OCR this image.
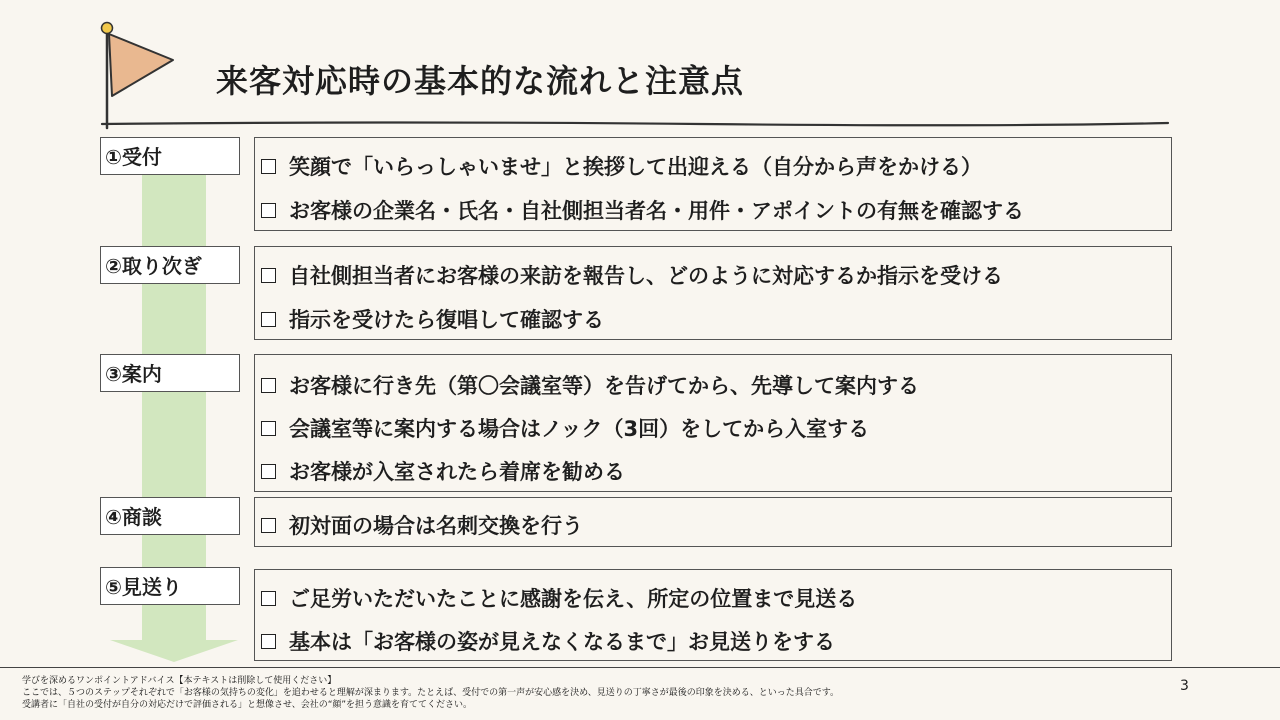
来客対応時の基本的な流れと注意点
①受付	笑顔で「いらっしゃいませ」と挨拶して出迎える（自分から声をかける）
お客様の企業名・氏名・自社側担当者名・用件・アポイントの有無を確認する
②取り次ぎ	自社側担当者にお客様の来訪を報告し、どのように対応するか指示を受ける
指示を受けたら復唱して確認する
③案内	お客様に行き先（第〇会議室等）を告げてから、先導して案内する
会議室等に案内する場合はノック（3回）をしてから入室する
お客様が入室されたら着席を勧める
④商談	初対面の場合は名刺交換を行う
⑤見送り	ご足労いただいたことに感謝を伝え、所定の位置まで見送る
基本は「お客様の姿が見えなくなるまで」お見送りをする
学びを深めるワンポイントアドバイス【本テキストは削除して使用ください】
ここでは、５つのステップそれぞれで「お客様の気持ちの変化」を追わせると理解が深まります。たとえば、受付での第一声が安心感を決め、見送りの丁寧さが最後の印象を決める、といった具合です。
受講者に「自社の受付が自分の対応だけで評価される」と想像させ、会社の“顔”を担う意識を育ててください。
3
